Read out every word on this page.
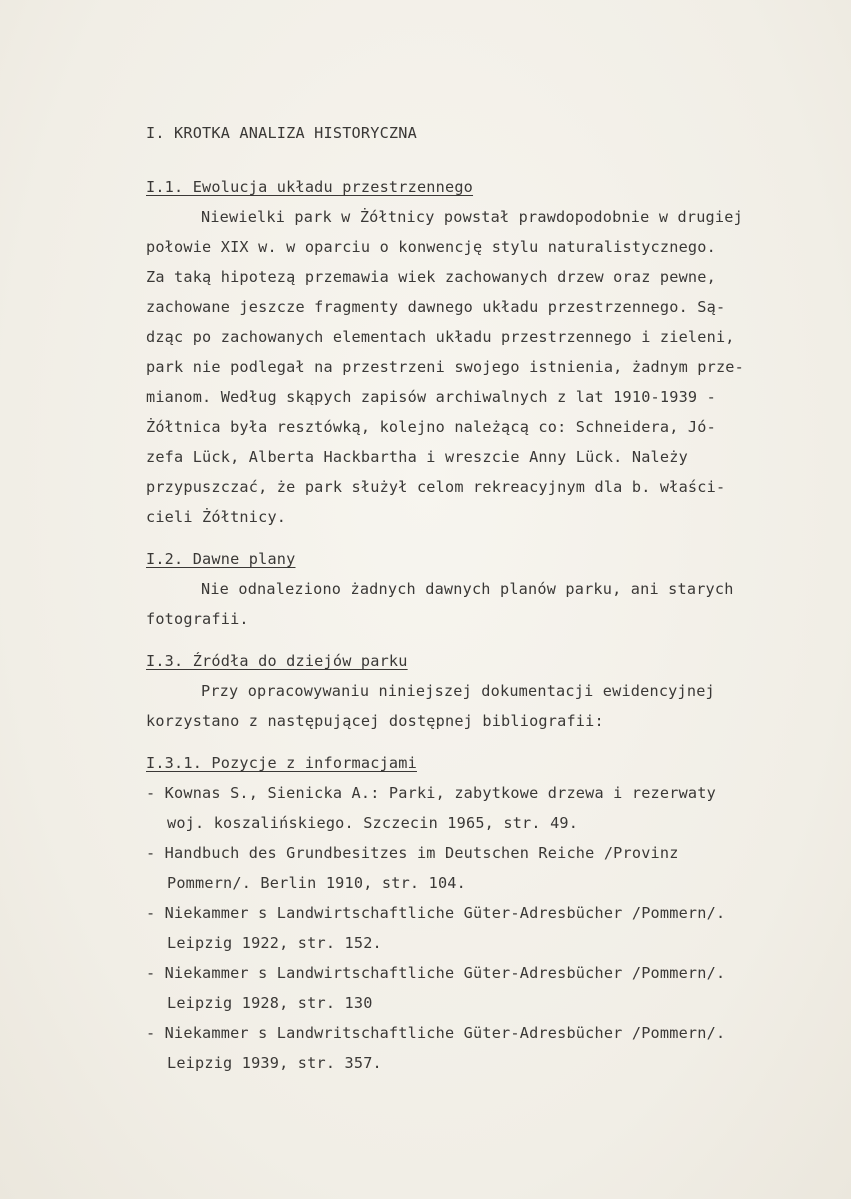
I. KROTKA ANALIZA HISTORYCZNA
I.1. Ewolucja układu przestrzennego
Niewielki park w Żółtnicy powstał prawdopodobnie w drugiej
połowie XIX w. w oparciu o konwencję stylu naturalistycznego.
Za taką hipotezą przemawia wiek zachowanych drzew oraz pewne,
zachowane jeszcze fragmenty dawnego układu przestrzennego. Są-
dząc po zachowanych elementach układu przestrzennego i zieleni,
park nie podlegał na przestrzeni swojego istnienia, żadnym prze-
mianom. Według skąpych zapisów archiwalnych z lat 1910-1939 -
Żółtnica była resztówką, kolejno należącą co: Schneidera, Jó-
zefa Lück, Alberta Hackbartha i wreszcie Anny Lück. Należy
przypuszczać, że park służył celom rekreacyjnym dla b. właści-
cieli Żółtnicy.
I.2. Dawne plany
Nie odnaleziono żadnych dawnych planów parku, ani starych
fotografii.
I.3. Źródła do dziejów parku
Przy opracowywaniu niniejszej dokumentacji ewidencyjnej
korzystano z następującej dostępnej bibliografii:
I.3.1. Pozycje z informacjami
- Kownas S., Sienicka A.: Parki, zabytkowe drzewa i rezerwaty
woj. koszalińskiego. Szczecin 1965, str. 49.
- Handbuch des Grundbesitzes im Deutschen Reiche /Provinz
Pommern/. Berlin 1910, str. 104.
- Niekammer s Landwirtschaftliche Güter-Adresbücher /Pommern/.
Leipzig 1922, str. 152.
- Niekammer s Landwirtschaftliche Güter-Adresbücher /Pommern/.
Leipzig 1928, str. 130
- Niekammer s Landwritschaftliche Güter-Adresbücher /Pommern/.
Leipzig 1939, str. 357.
